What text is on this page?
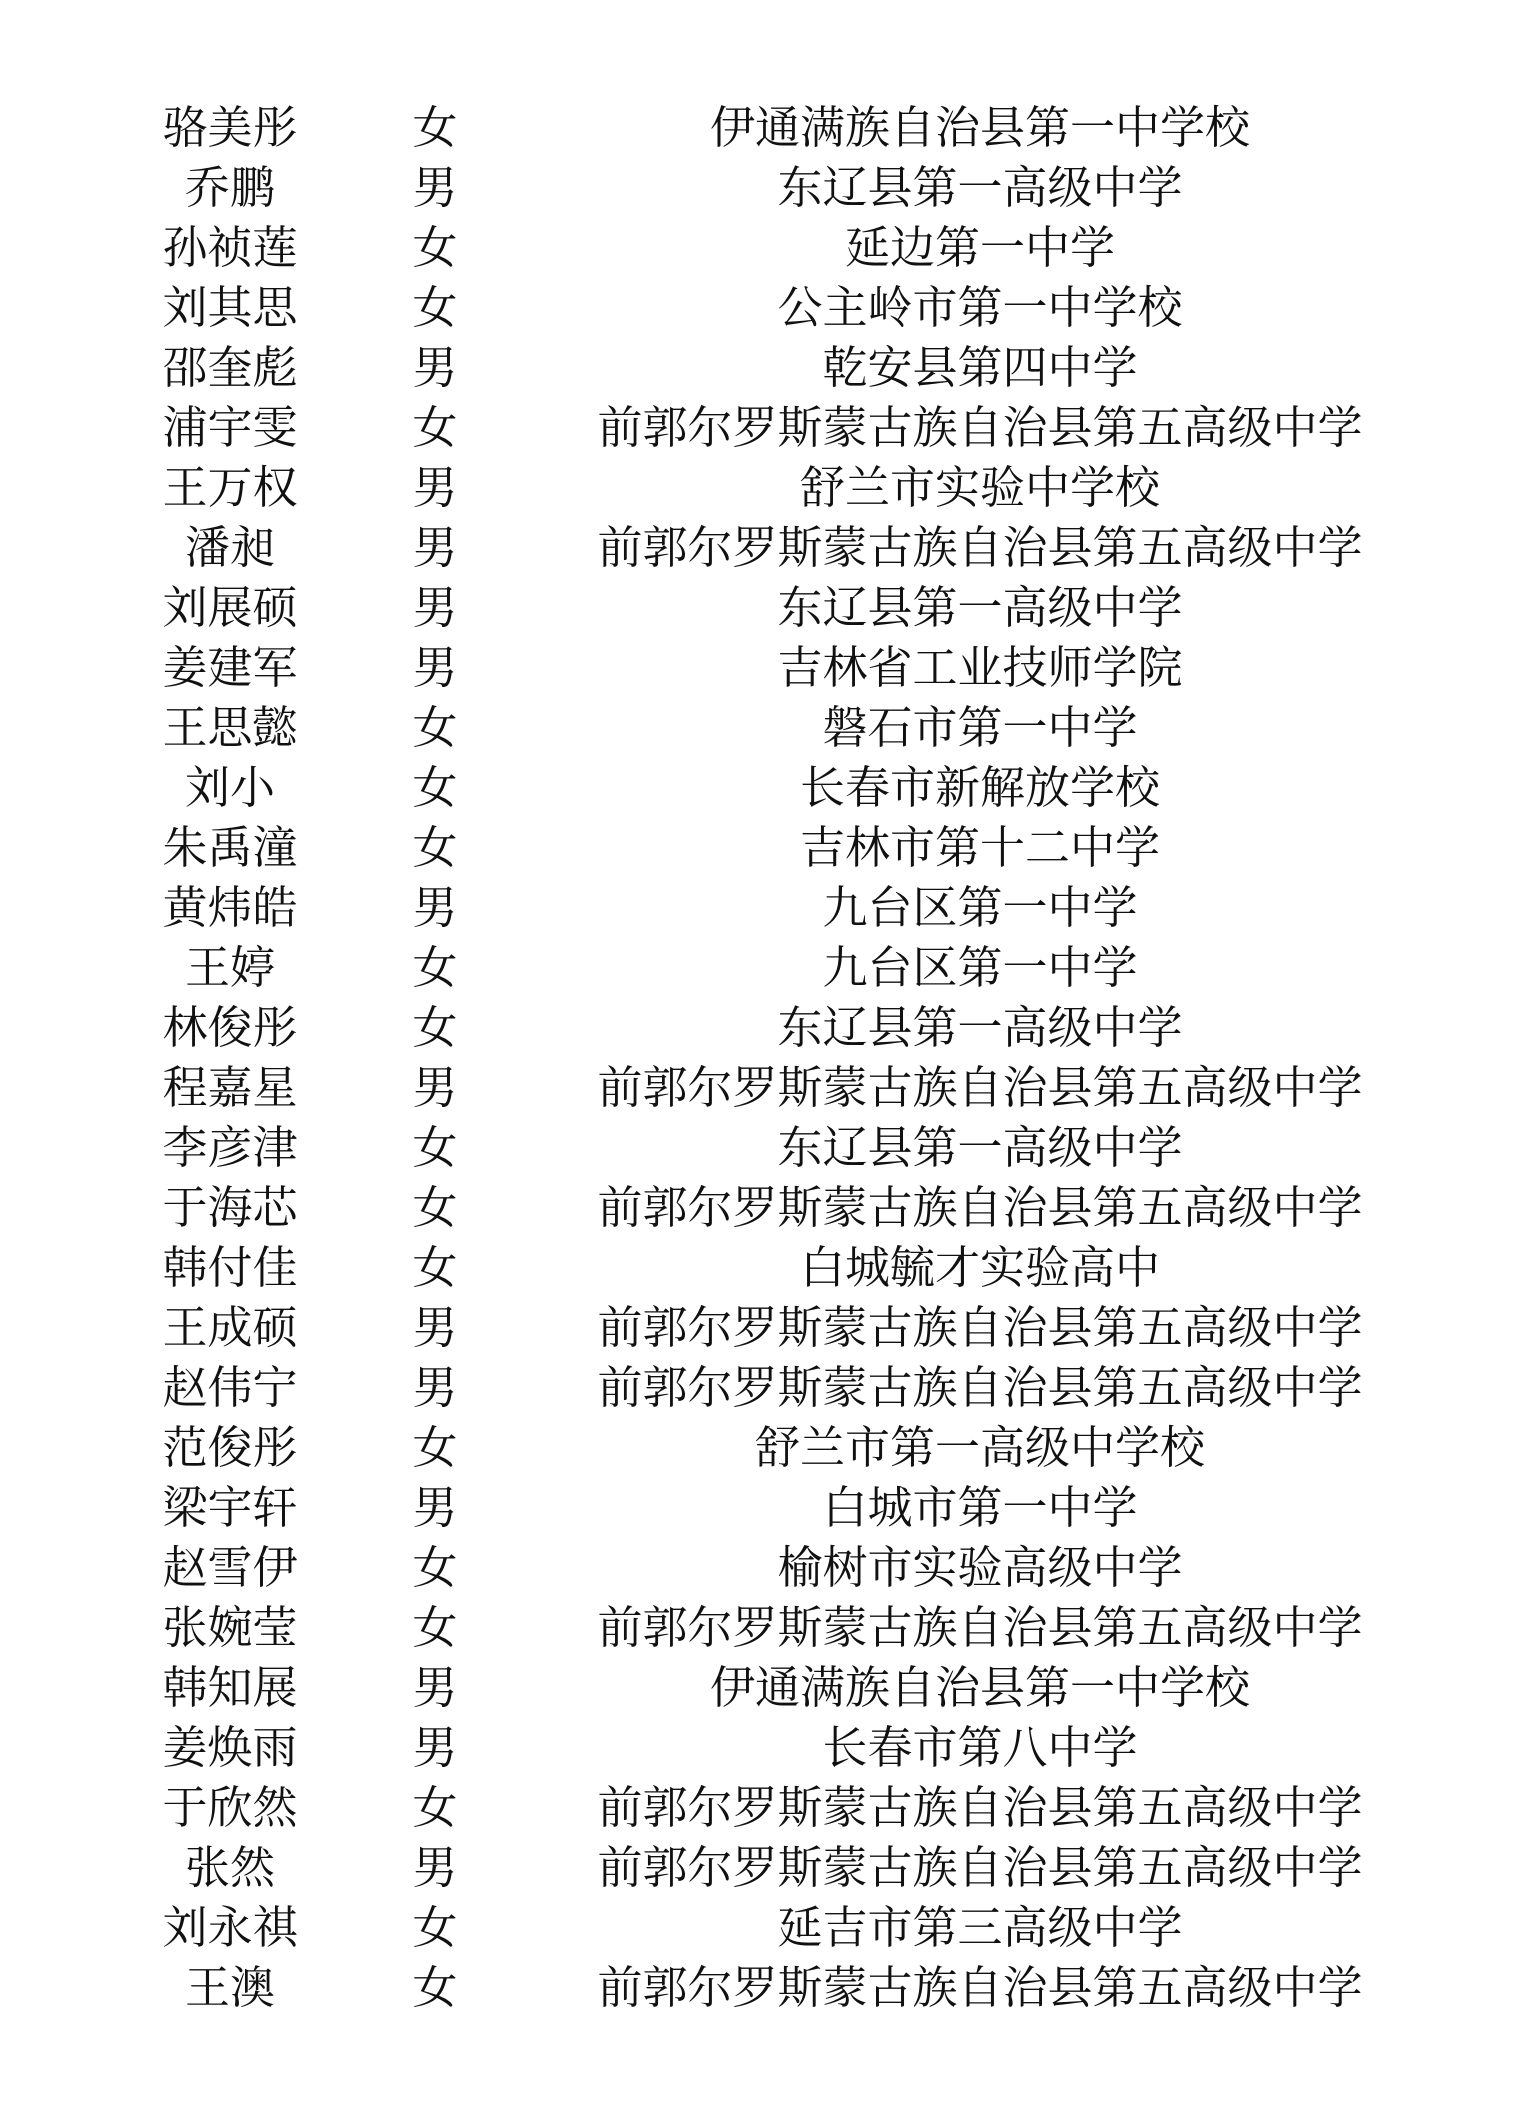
骆美彤	女	伊通满族自治县第一中学校
乔鹏	男	东辽县第一高级中学
孙祯莲	女	延边第一中学
刘其思	女	公主岭市第一中学校
邵奎彪	男	乾安县第四中学
浦宇雯	女	前郭尔罗斯蒙古族自治县第五高级中学
王万权	男	舒兰市实验中学校
潘昶	男	前郭尔罗斯蒙古族自治县第五高级中学
刘展硕	男	东辽县第一高级中学
姜建军	男	吉林省工业技师学院
王思懿	女	磐石市第一中学
刘小	女	长春市新解放学校
朱禹潼	女	吉林市第十二中学
黄炜皓	男	九台区第一中学
王婷	女	九台区第一中学
林俊彤	女	东辽县第一高级中学
程嘉星	男	前郭尔罗斯蒙古族自治县第五高级中学
李彦津	女	东辽县第一高级中学
于海芯	女	前郭尔罗斯蒙古族自治县第五高级中学
韩付佳	女	白城毓才实验高中
王成硕	男	前郭尔罗斯蒙古族自治县第五高级中学
赵伟宁	男	前郭尔罗斯蒙古族自治县第五高级中学
范俊彤	女	舒兰市第一高级中学校
梁宇轩	男	白城市第一中学
赵雪伊	女	榆树市实验高级中学
张婉莹	女	前郭尔罗斯蒙古族自治县第五高级中学
韩知展	男	伊通满族自治县第一中学校
姜焕雨	男	长春市第八中学
于欣然	女	前郭尔罗斯蒙古族自治县第五高级中学
张然	男	前郭尔罗斯蒙古族自治县第五高级中学
刘永祺	女	延吉市第三高级中学
王澳	女	前郭尔罗斯蒙古族自治县第五高级中学
